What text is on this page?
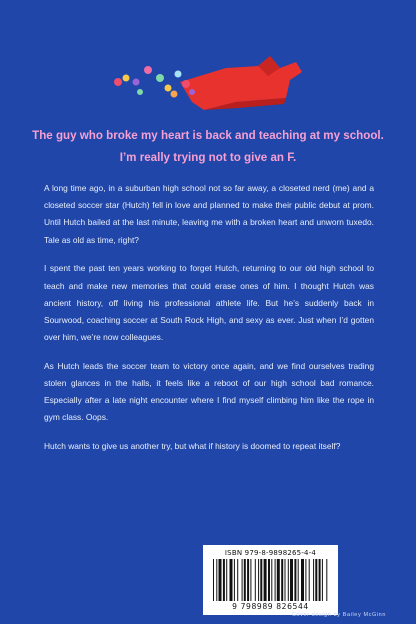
The guy who broke my heart is back and teaching at my school.
I’m really trying not to give an F.

A long time ago, in a suburban high school not so far away, a closeted nerd (me) and a closeted soccer star (Hutch) fell in love and planned to make their public debut at prom. Until Hutch bailed at the last minute, leaving me with a broken heart and unworn tuxedo. Tale as old as time, right?

I spent the past ten years working to forget Hutch, returning to our old high school to teach and make new memories that could erase ones of him. I thought Hutch was ancient history, off living his professional athlete life. But he’s suddenly back in Sourwood, coaching soccer at South Rock High, and sexy as ever. Just when I’d gotten over him, we’re now colleagues.

As Hutch leads the soccer team to victory once again, and we find ourselves trading stolen glances in the halls, it feels like a reboot of our high school bad romance. Especially after a late night encounter where I find myself climbing him like the rope in gym class. Oops.

Hutch wants to give us another try, but what if history is doomed to repeat itself?

ISBN 979-8-9898265-4-4
9 798989 826544
Cover design by Bailey McGinn
